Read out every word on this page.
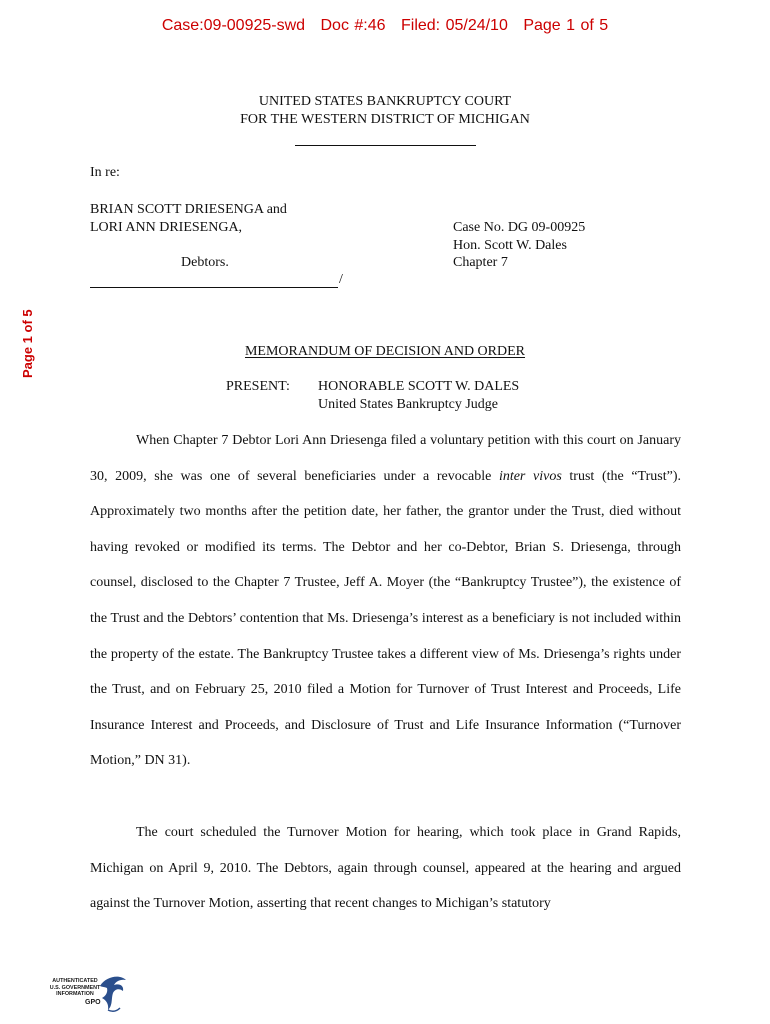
Case:09-00925-swd Doc #:46 Filed: 05/24/10 Page 1 of 5
Page 1 of 5
UNITED STATES BANKRUPTCY COURT
FOR THE WESTERN DISTRICT OF MICHIGAN
In re:
BRIAN SCOTT DRIESENGA and
LORI ANN DRIESENGA,
Debtors.
/
Case No. DG 09-00925
Hon. Scott W. Dales
Chapter 7
MEMORANDUM OF DECISION AND ORDER
PRESENT: HONORABLE SCOTT W. DALES
United States Bankruptcy Judge

When Chapter 7 Debtor Lori Ann Driesenga filed a voluntary petition with this court on January 30, 2009, she was one of several beneficiaries under a revocable inter vivos trust (the “Trust”). Approximately two months after the petition date, her father, the grantor under the Trust, died without having revoked or modified its terms. The Debtor and her co-Debtor, Brian S. Driesenga, through counsel, disclosed to the Chapter 7 Trustee, Jeff A. Moyer (the “Bankruptcy Trustee”), the existence of the Trust and the Debtors’ contention that Ms. Driesenga’s interest as a beneficiary is not included within the property of the estate. The Bankruptcy Trustee takes a different view of Ms. Driesenga’s rights under the Trust, and on February 25, 2010 filed a Motion for Turnover of Trust Interest and Proceeds, Life Insurance Interest and Proceeds, and Disclosure of Trust and Life Insurance Information (“Turnover Motion,” DN 31).

The court scheduled the Turnover Motion for hearing, which took place in Grand Rapids, Michigan on April 9, 2010. The Debtors, again through counsel, appeared at the hearing and argued against the Turnover Motion, asserting that recent changes to Michigan’s statutory

AUTHENTICATED
U.S. GOVERNMENT
INFORMATION
GPO
